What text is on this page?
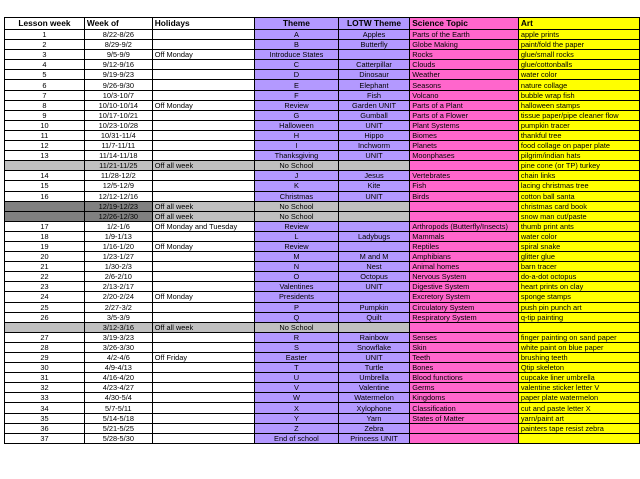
Lesson week	Week of	Holidays	Theme	LOTW Theme	Science Topic	Art
1	8/22-8/26		A	Apples	Parts of the Earth	apple prints
2	8/29-9/2		B	Butterfly	Globe Making	paint/fold the paper
3	9/5-9/9	Off Monday	Introduce States		Rocks	glue/small rocks
4	9/12-9/16		C	Catterpillar	Clouds	glue/cottonballs
5	9/19-9/23		D	Dinosaur	Weather	water color
6	9/26-9/30		E	Elephant	Seasons	nature collage
7	10/3-10/7		F	Fish	Volcano	bubble wrap fish
8	10/10-10/14	Off Monday	Review	Garden UNIT	Parts of a Plant	halloween stamps
9	10/17-10/21		G	Gumball	Parts of a Flower	tissue paper/pipe cleaner flow
10	10/23-10/28		Halloween	UNIT	Plant Systems	pumpkin tracer
11	10/31-11/4		H	Hippo	Biomes	thankful tree
12	11/7-11/11		I	Inchworm	Planets	food collage on paper plate
13	11/14-11/18		Thanksgiving	UNIT	Moonphases	pilgrim/indian hats
	11/21-11/25	Off all week	No School			pine cone (or TP) turkey
14	11/28-12/2		J	Jesus	Vertebrates	chain links
15	12/5-12/9		K	Kite	Fish	lacing christmas tree
16	12/12-12/16		Christmas	UNIT	Birds	cotton ball santa
	12/19-12/23	Off all week	No School			christmas card book
	12/26-12/30	Off all week	No School			snow man cut/paste
17	1/2-1/6	Off Monday and Tuesday	Review		Arthropods (Butterfly/Insects)	thumb print ants
18	1/9-1/13		L	Ladybugs	Mammals	water color
19	1/16-1/20	Off Monday	Review		Reptiles	spiral snake
20	1/23-1/27		M	M and M	Amphibians	glitter glue
21	1/30-2/3		N	Nest	Animal homes	barn tracer
22	2/6-2/10		O	Octopus	Nervous System	do-a-dot octopus
23	2/13-2/17		Valentines	UNIT	Digestive System	heart prints on clay
24	2/20-2/24	Off Monday	Presidents		Excretory System	sponge stamps
25	2/27-3/2		P	Pumpkin	Circulatory System	push pin punch art
26	3/5-3/9		Q	Quilt	Respiratory System	q-tip painting
	3/12-3/16	Off all week	No School			
27	3/19-3/23		R	Rainbow	Senses	finger painting on sand paper
28	3/26-3/30		S	Snowflake	Skin	white paint on blue paper
29	4/2-4/6	Off Friday	Easter	UNIT	Teeth	brushing teeth
30	4/9-4/13		T	Turtle	Bones	Qtip skeleton
31	4/16-4/20		U	Umbrella	Blood functions	cupcake liner umbrella
32	4/23-4/27		V	Valentine	Germs	valentine sticker letter V
33	4/30-5/4		W	Watermelon	Kingdoms	paper plate watermelon
34	5/7-5/11		X	Xylophone	Classification	cut and paste letter X
35	5/14-5/18		Y	Yarn	States of Matter	yarn/paint art
36	5/21-5/25		Z	Zebra		painters tape resist zebra
37	5/28-5/30		End of school	Princess UNIT		
